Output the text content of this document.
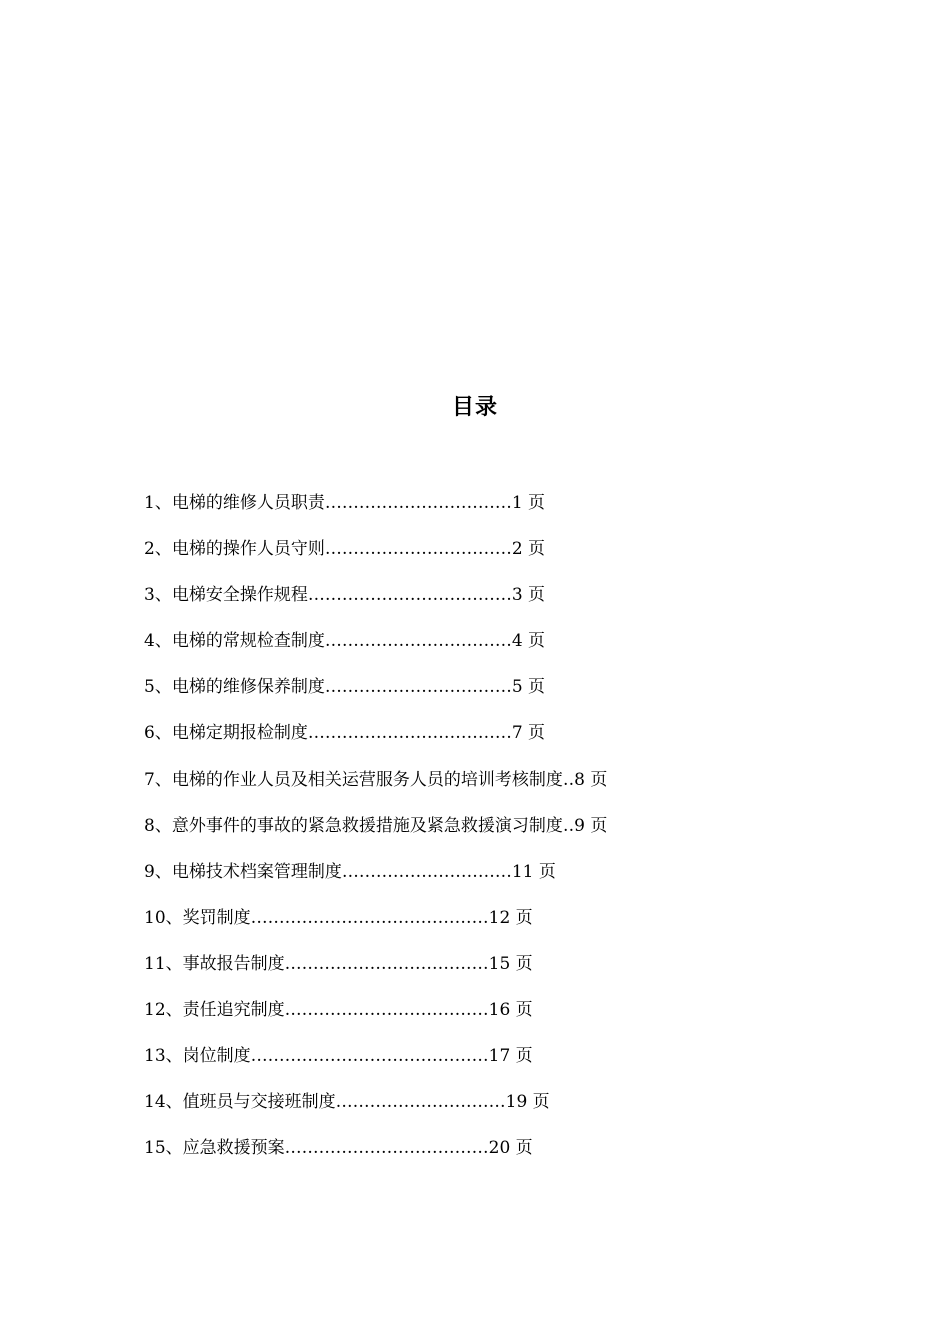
目录
1、电梯的维修人员职责……………………………1 页
2、电梯的操作人员守则……………………………2 页
3、电梯安全操作规程………………………………3 页
4、电梯的常规检查制度……………………………4 页
5、电梯的维修保养制度……………………………5 页
6、电梯定期报检制度………………………………7 页
7、电梯的作业人员及相关运营服务人员的培训考核制度‥8 页
8、意外事件的事故的紧急救援措施及紧急救援演习制度‥9 页
9、电梯技术档案管理制度…………………………11 页
10、奖罚制度……………………………………12 页
11、事故报告制度………………………………15 页
12、责任追究制度………………………………16 页
13、岗位制度……………………………………17 页
14、值班员与交接班制度…………………………19 页
15、应急救援预案………………………………20 页
